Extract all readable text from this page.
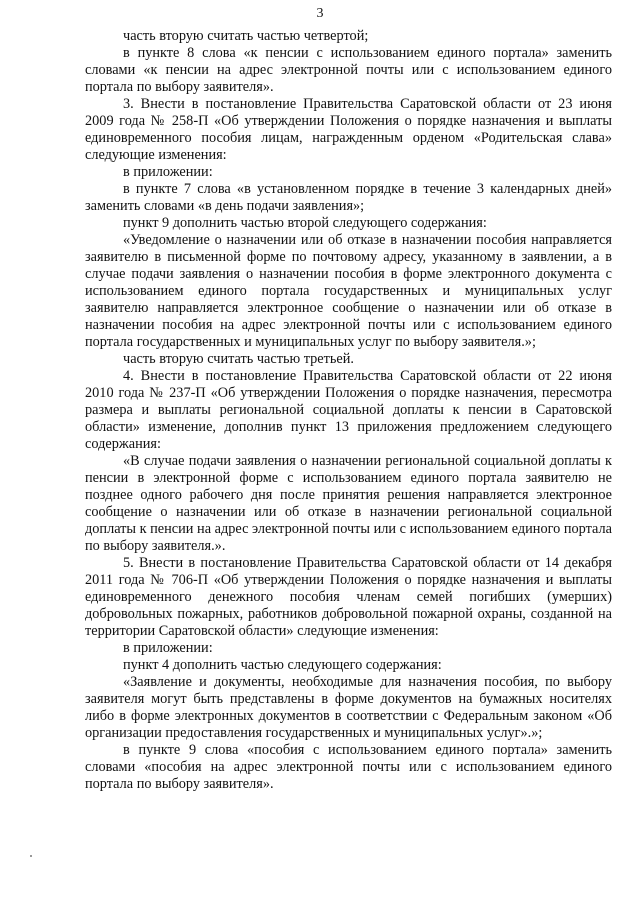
3

часть вторую считать частью четвертой;

в пункте 8 слова «к пенсии с использованием единого портала» заменить словами «к пенсии на адрес электронной почты или с использованием единого портала по выбору заявителя».

3. Внести в постановление Правительства Саратовской области от 23 июня 2009 года № 258-П «Об утверждении Положения о порядке назначения и выплаты единовременного пособия лицам, награжденным орденом «Родительская слава» следующие изменения:

в приложении:

в пункте 7 слова «в установленном порядке в течение 3 календарных дней» заменить словами «в день подачи заявления»;

пункт 9 дополнить частью второй следующего содержания:

«Уведомление о назначении или об отказе в назначении пособия направляется заявителю в письменной форме по почтовому адресу, указанному в заявлении, а в случае подачи заявления о назначении пособия в форме электронного документа с использованием единого портала государственных и муниципальных услуг заявителю направляется электронное сообщение о назначении или об отказе в назначении пособия на адрес электронной почты или с использованием единого портала государственных и муниципальных услуг по выбору заявителя.»;

часть вторую считать частью третьей.

4. Внести в постановление Правительства Саратовской области от 22 июня 2010 года № 237-П «Об утверждении Положения о порядке назначения, пересмотра размера и выплаты региональной социальной доплаты к пенсии в Саратовской области» изменение, дополнив пункт 13 приложения предложением следующего содержания:

«В случае подачи заявления о назначении региональной социальной доплаты к пенсии в электронной форме с использованием единого портала заявителю не позднее одного рабочего дня после принятия решения направляется электронное сообщение о назначении или об отказе в назначении региональной социальной доплаты к пенсии на адрес электронной почты или с использованием единого портала по выбору заявителя.».

5. Внести в постановление Правительства Саратовской области от 14 декабря 2011 года № 706-П «Об утверждении Положения о порядке назначения и выплаты единовременного денежного пособия членам семей погибших (умерших) добровольных пожарных, работников добровольной пожарной охраны, созданной на территории Саратовской области» следующие изменения:

в приложении:

пункт 4 дополнить частью следующего содержания:

«Заявление и документы, необходимые для назначения пособия, по выбору заявителя могут быть представлены в форме документов на бумажных носителях либо в форме электронных документов в соответствии с Федеральным законом «Об организации предоставления государственных и муниципальных услуг».»;

в пункте 9 слова «пособия с использованием единого портала» заменить словами «пособия на адрес электронной почты или с использованием единого портала по выбору заявителя».
